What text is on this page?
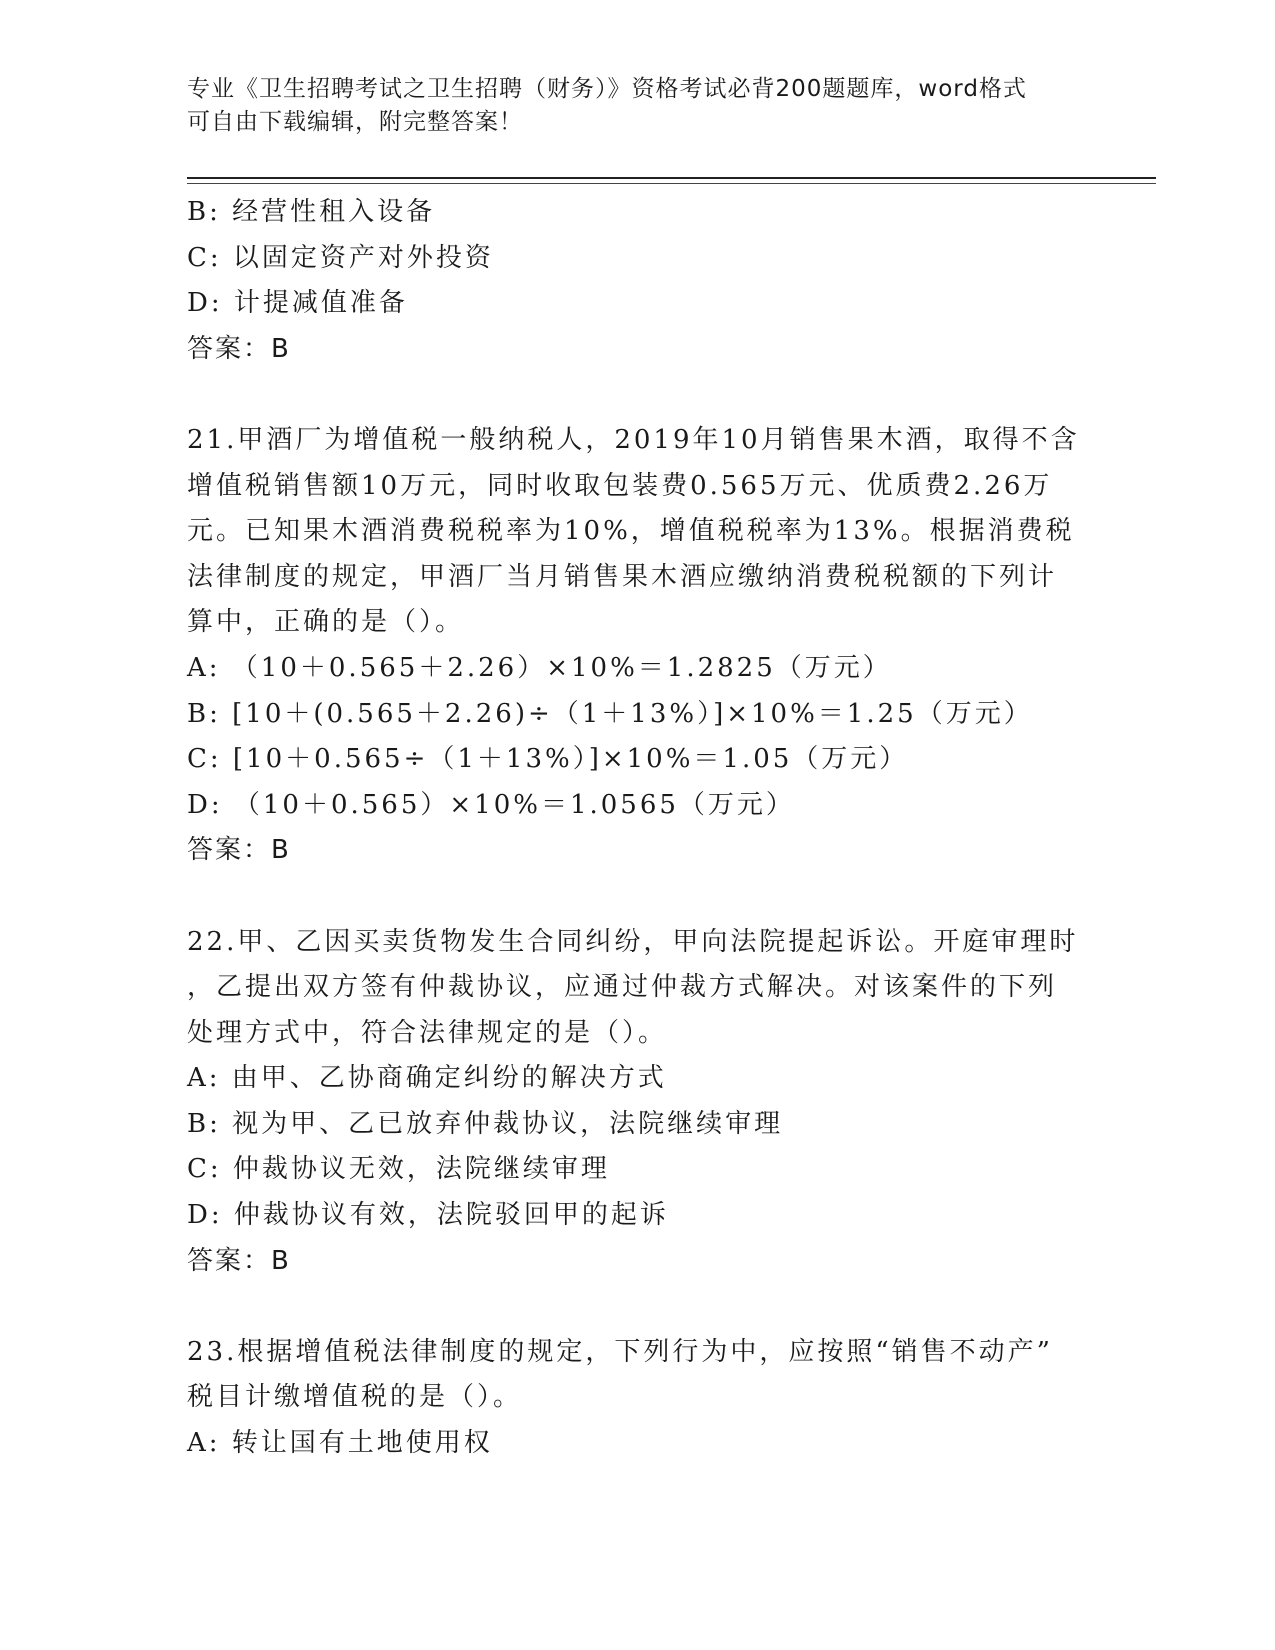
专业《卫生招聘考试之卫生招聘（财务）》资格考试必背200题题库，word格式
可自由下载编辑，附完整答案！
B: 经营性租入设备
C: 以固定资产对外投资
D: 计提减值准备
答案：B
21.甲酒厂为增值税一般纳税人，2019年10月销售果木酒，取得不含
增值税销售额10万元，同时收取包装费0.565万元、优质费2.26万
元。已知果木酒消费税税率为10%，增值税税率为13%。根据消费税
法律制度的规定，甲酒厂当月销售果木酒应缴纳消费税税额的下列计
算中，正确的是（）。
A: （10＋0.565＋2.26）×10%＝1.2825（万元）
B: [10＋(0.565＋2.26)÷（1＋13%）]×10%＝1.25（万元）
C: [10＋0.565÷（1＋13%）]×10%＝1.05（万元）
D: （10＋0.565）×10%＝1.0565（万元）
答案：B
22.甲、乙因买卖货物发生合同纠纷，甲向法院提起诉讼。开庭审理时
，乙提出双方签有仲裁协议，应通过仲裁方式解决。对该案件的下列
处理方式中，符合法律规定的是（）。
A: 由甲、乙协商确定纠纷的解决方式
B: 视为甲、乙已放弃仲裁协议，法院继续审理
C: 仲裁协议无效，法院继续审理
D: 仲裁协议有效，法院驳回甲的起诉
答案：B
23.根据增值税法律制度的规定，下列行为中，应按照“销售不动产”
税目计缴增值税的是（）。
A: 转让国有土地使用权
